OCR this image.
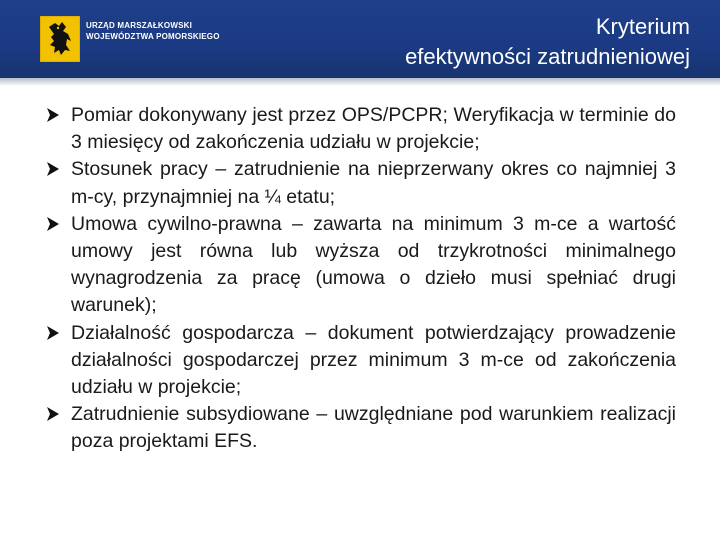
URZĄD MARSZAŁKOWSKI
WOJEWÓDZTWA POMORSKIEGO	Kryterium
efektywności zatrudnieniowej
Pomiar dokonywany jest przez OPS/PCPR; Weryfikacja w terminie do 3 miesięcy od zakończenia udziału w projekcie;
Stosunek pracy – zatrudnienie na nieprzerwany okres co najmniej 3 m-cy, przynajmniej na ¼ etatu;
Umowa cywilno-prawna – zawarta na minimum 3 m-ce a wartość umowy jest równa lub wyższa od trzykrotności minimalnego wynagrodzenia za pracę (umowa o dzieło musi spełniać drugi warunek);
Działalność gospodarcza – dokument potwierdzający prowadzenie działalności gospodarczej przez minimum 3 m-ce od zakończenia udziału w projekcie;
Zatrudnienie subsydiowane – uwzględniane pod warunkiem realizacji poza projektami EFS.
